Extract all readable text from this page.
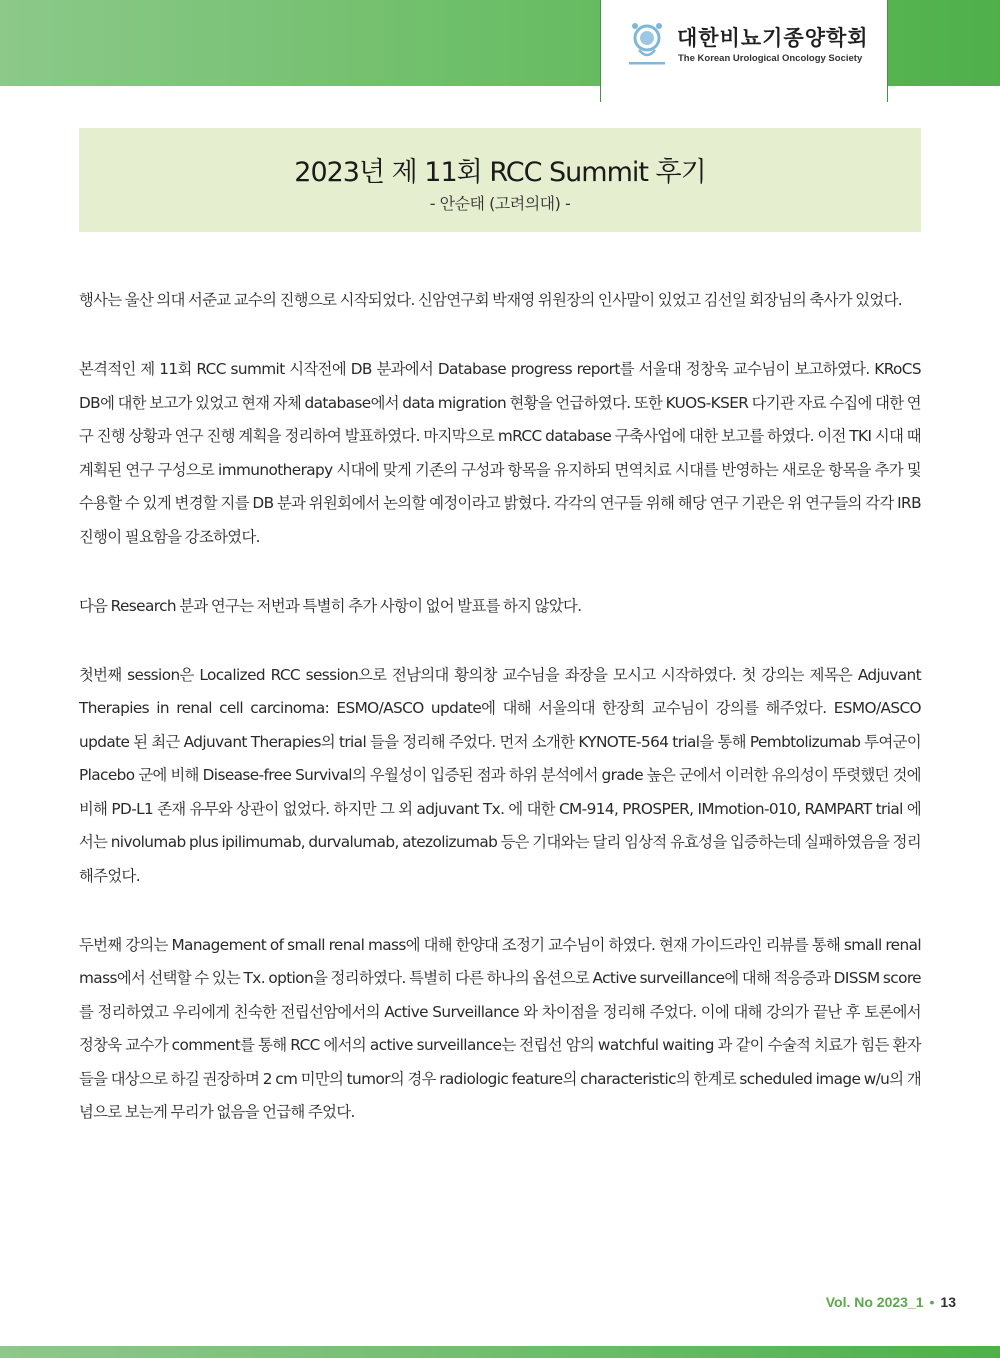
대한비뇨기종양학회
The Korean Urological Oncology Society
2023년 제 11회 RCC Summit 후기
- 안순태 (고려의대) -

행사는 울산 의대 서준교 교수의 진행으로 시작되었다. 신암연구회 박재영 위원장의 인사말이 있었고 김선일 회장님의 축사가 있었다.

본격적인 제 11회 RCC summit 시작전에 DB 분과에서 Database progress report를 서울대 정창욱 교수님이 보고하였다. KRoCS DB에 대한 보고가 있었고 현재 자체 database에서 data migration 현황을 언급하였다. 또한 KUOS-KSER 다기관 자료 수집에 대한 연구 진행 상황과 연구 진행 계획을 정리하여 발표하였다. 마지막으로 mRCC database 구축사업에 대한 보고를 하였다. 이전 TKI 시대 때 계획된 연구 구성으로 immunotherapy 시대에 맞게 기존의 구성과 항목을 유지하되 면역치료 시대를 반영하는 새로운 항목을 추가 및 수용할 수 있게 변경할 지를 DB 분과 위원회에서 논의할 예정이라고 밝혔다. 각각의 연구들 위해 해당 연구 기관은 위 연구들의 각각 IRB 진행이 필요함을 강조하였다.

다음 Research 분과 연구는 저번과 특별히 추가 사항이 없어 발표를 하지 않았다.

첫번째 session은 Localized RCC session으로 전남의대 황의창 교수님을 좌장을 모시고 시작하였다. 첫 강의는 제목은 Adjuvant Therapies in renal cell carcinoma: ESMO/ASCO update에 대해 서울의대 한장희 교수님이 강의를 해주었다. ESMO/ASCO update 된 최근 Adjuvant Therapies의 trial 들을 정리해 주었다. 먼저 소개한 KYNOTE-564 trial을 통해 Pembtolizumab 투여군이 Placebo 군에 비해 Disease-free Survival의 우월성이 입증된 점과 하위 분석에서 grade 높은 군에서 이러한 유의성이 뚜렷했던 것에 비해 PD-L1 존재 유무와 상관이 없었다. 하지만 그 외 adjuvant Tx. 에 대한 CM-914, PROSPER, IMmotion-010, RAMPART trial 에서는 nivolumab plus ipilimumab, durvalumab, atezolizumab 등은 기대와는 달리 임상적 유효성을 입증하는데 실패하였음을 정리해주었다.

두번째 강의는 Management of small renal mass에 대해 한양대 조정기 교수님이 하였다. 현재 가이드라인 리뷰를 통해 small renal mass에서 선택할 수 있는 Tx. option을 정리하였다. 특별히 다른 하나의 옵션으로 Active surveillance에 대해 적응증과 DISSM score를 정리하였고 우리에게 친숙한 전립선암에서의 Active Surveillance 와 차이점을 정리해 주었다. 이에 대해 강의가 끝난 후 토론에서 정창욱 교수가 comment를 통해 RCC 에서의 active surveillance는 전립선 암의 watchful waiting 과 같이 수술적 치료가 힘든 환자들을 대상으로 하길 권장하며 2 cm 미만의 tumor의 경우 radiologic feature의 characteristic의 한계로 scheduled image w/u의 개념으로 보는게 무리가 없음을 언급해 주었다.

Vol. No 2023_1 • 13
